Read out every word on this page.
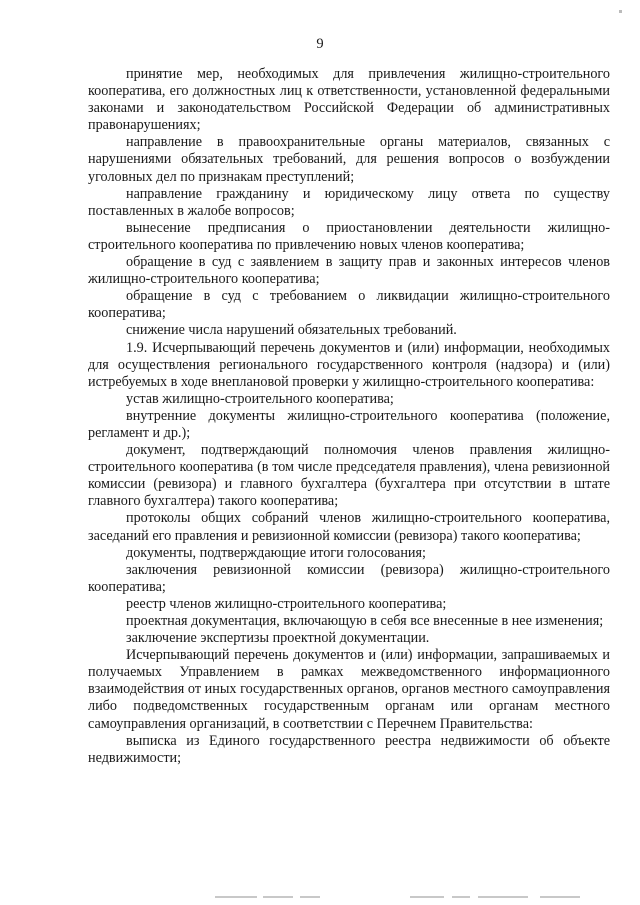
9

принятие мер, необходимых для привлечения жилищно-строительного кооператива, его должностных лиц к ответственности, установленной федеральными законами и законодательством Российской Федерации об административных правонарушениях;

направление в правоохранительные органы материалов, связанных с нарушениями обязательных требований, для решения вопросов о возбуждении уголовных дел по признакам преступлений;

направление гражданину и юридическому лицу ответа по существу поставленных в жалобе вопросов;

вынесение предписания о приостановлении деятельности жилищно-строительного кооператива по привлечению новых членов кооператива;

обращение в суд с заявлением в защиту прав и законных интересов членов жилищно-строительного кооператива;

обращение в суд с требованием о ликвидации жилищно-строительного кооператива;

снижение числа нарушений обязательных требований.

1.9. Исчерпывающий перечень документов и (или) информации, необходимых для осуществления регионального государственного контроля (надзора) и (или) истребуемых в ходе внеплановой проверки у жилищно-строительного кооператива:

устав жилищно-строительного кооператива;

внутренние документы жилищно-строительного кооператива (положение, регламент и др.);

документ, подтверждающий полномочия членов правления жилищно-строительного кооператива (в том числе председателя правления), члена ревизионной комиссии (ревизора) и главного бухгалтера (бухгалтера при отсутствии в штате главного бухгалтера) такого кооператива;

протоколы общих собраний членов жилищно-строительного кооператива, заседаний его правления и ревизионной комиссии (ревизора) такого кооператива;

документы, подтверждающие итоги голосования;

заключения ревизионной комиссии (ревизора) жилищно-строительного кооператива;

реестр членов жилищно-строительного кооператива;

проектная документация, включающую в себя все внесенные в нее изменения;

заключение экспертизы проектной документации.

Исчерпывающий перечень документов и (или) информации, запрашиваемых и получаемых Управлением в рамках межведомственного информационного взаимодействия от иных государственных органов, органов местного самоуправления либо подведомственных государственным органам или органам местного самоуправления организаций, в соответствии с Перечнем Правительства:

выписка из Единого государственного реестра недвижимости об объекте недвижимости;
